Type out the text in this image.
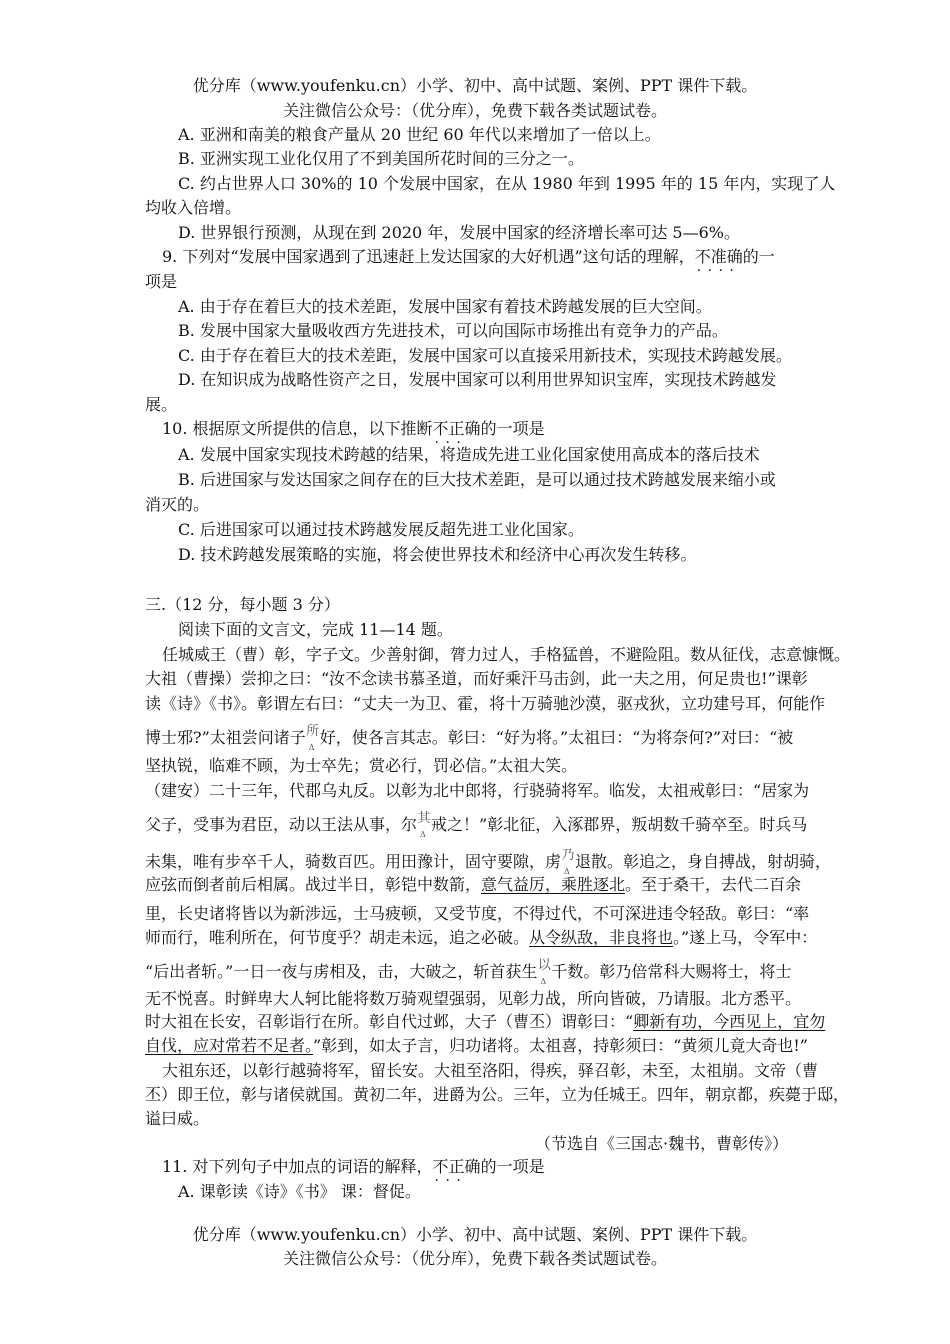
优分库（www.youfenku.cn）小学、初中、高中试题、案例、PPT 课件下载。
关注微信公众号：（优分库），免费下载各类试题试卷。
A. 亚洲和南美的粮食产量从 20 世纪 60 年代以来增加了一倍以上。
B. 亚洲实现工业化仅用了不到美国所花时间的三分之一。
C. 约占世界人口 30%的 10 个发展中国家，在从 1980 年到 1995 年的 15 年内，实现了人
均收入倍增。
D. 世界银行预测，从现在到 2020 年，发展中国家的经济增长率可达 5—6%。
9. 下列对“发展中国家遇到了迅速赶上发达国家的大好机遇”这句话的理解，不准确 · · 的一
项是
A. 由于存在着巨大的技术差距，发展中国家有着技术跨越发展的巨大空间。
B. 发展中国家大量吸收西方先进技术，可以向国际市场推出有竞争力的产品。
C. 由于存在着巨大的技术差距，发展中国家可以直接采用新技术，实现技术跨越发展。
D. 在知识成为战略性资产之日，发展中国家可以利用世界知识宝库，实现技术跨越发
展。
10. 根据原文所提供的信息，以下推断不正确 · · ·的一项是
A. 发展中国家实现技术跨越的结果，将造成先进工业化国家使用高成本的落后技术
B. 后进国家与发达国家之间存在的巨大技术差距，是可以通过技术跨越发展来缩小或
消灭的。
C. 后进国家可以通过技术跨越发展反超先进工业化国家。
D. 技术跨越发展策略的实施，将会使世界技术和经济中心再次发生转移。
三.（12 分，每小题 3 分）
阅读下面的文言文，完成 11—14 题。
任城威王（曹）彰，字子文。少善射御，膂力过人，手格猛兽，不避险阻。数从征伐，志意慷慨。
大祖（曹操）尝抑之曰：“汝不念读书慕圣道，而好乘汗马击剑，此一夫之用，何足贵也!”课彰
读《诗》《书》。彰谓左右曰：“丈夫一为卫、霍，将十万骑驰沙漠，驱戎狄，立功建号耳，何能作
博士邪?”太祖尝问诸子所 Δ好，使各言其志。彰曰：“好为将。”太祖曰：“为将奈何?”对曰：“被
坚执锐，临难不顾，为士卒先；赏必行，罚必信。”太祖大笑。
（建安）二十三年，代郡乌丸反。以彰为北中郎将，行骁骑将军。临发，太祖戒彰曰：“居家为
父子，受事为君臣，动以王法从事，尔其 Δ戒之！”彰北征，入涿郡界，叛胡数千骑卒至。时兵马
未集，唯有步卒千人，骑数百匹。用田豫计，固守要隙，虏乃 Δ退散。彰追之，身自搏战，射胡骑，
应弦而倒者前后相属。战过半日，彰铠中数箭，意气益厉，乘胜逐北。至于桑干，去代二百余
里，长史诸将皆以为新涉远，士马疲顿，又受节度，不得过代，不可深进违令轻敌。彰曰：“率
师而行，唯利所在，何节度乎？胡走未远，追之必破。从令纵敌，非良将也。”遂上马，令军中：
“后出者斩。”一日一夜与虏相及，击，大破之，斩首获生以 Δ千数。彰乃倍常科大赐将士，将士
无不悦喜。时鲜卑大人轲比能将数万骑观望强弱，见彰力战，所向皆破，乃请服。北方悉平。
时大祖在长安，召彰诣行在所。彰自代过邺，大子（曹丕）谓彰曰：“卿新有功，今西见上，宜勿
自伐，应对常若不足者。”彰到，如太子言，归功诸将。太祖喜，持彰须曰：“黄须儿竟大奇也!”
大祖东还，以彰行越骑将军，留长安。大祖至洛阳，得疾，驿召彰，未至，太祖崩。文帝（曹
丕）即王位，彰与诸侯就国。黄初二年，进爵为公。三年，立为任城王。四年，朝京都，疾薨于邸，
谥曰威。
（节选自《三国志·魏书，曹彰传》）
11. 对下列句子中加点的词语的解释，不正确 · · ·的一项是
A. 课彰读《诗》《书》 课：督促。
优分库（www.youfenku.cn）小学、初中、高中试题、案例、PPT 课件下载。
关注微信公众号：（优分库），免费下载各类试题试卷。
